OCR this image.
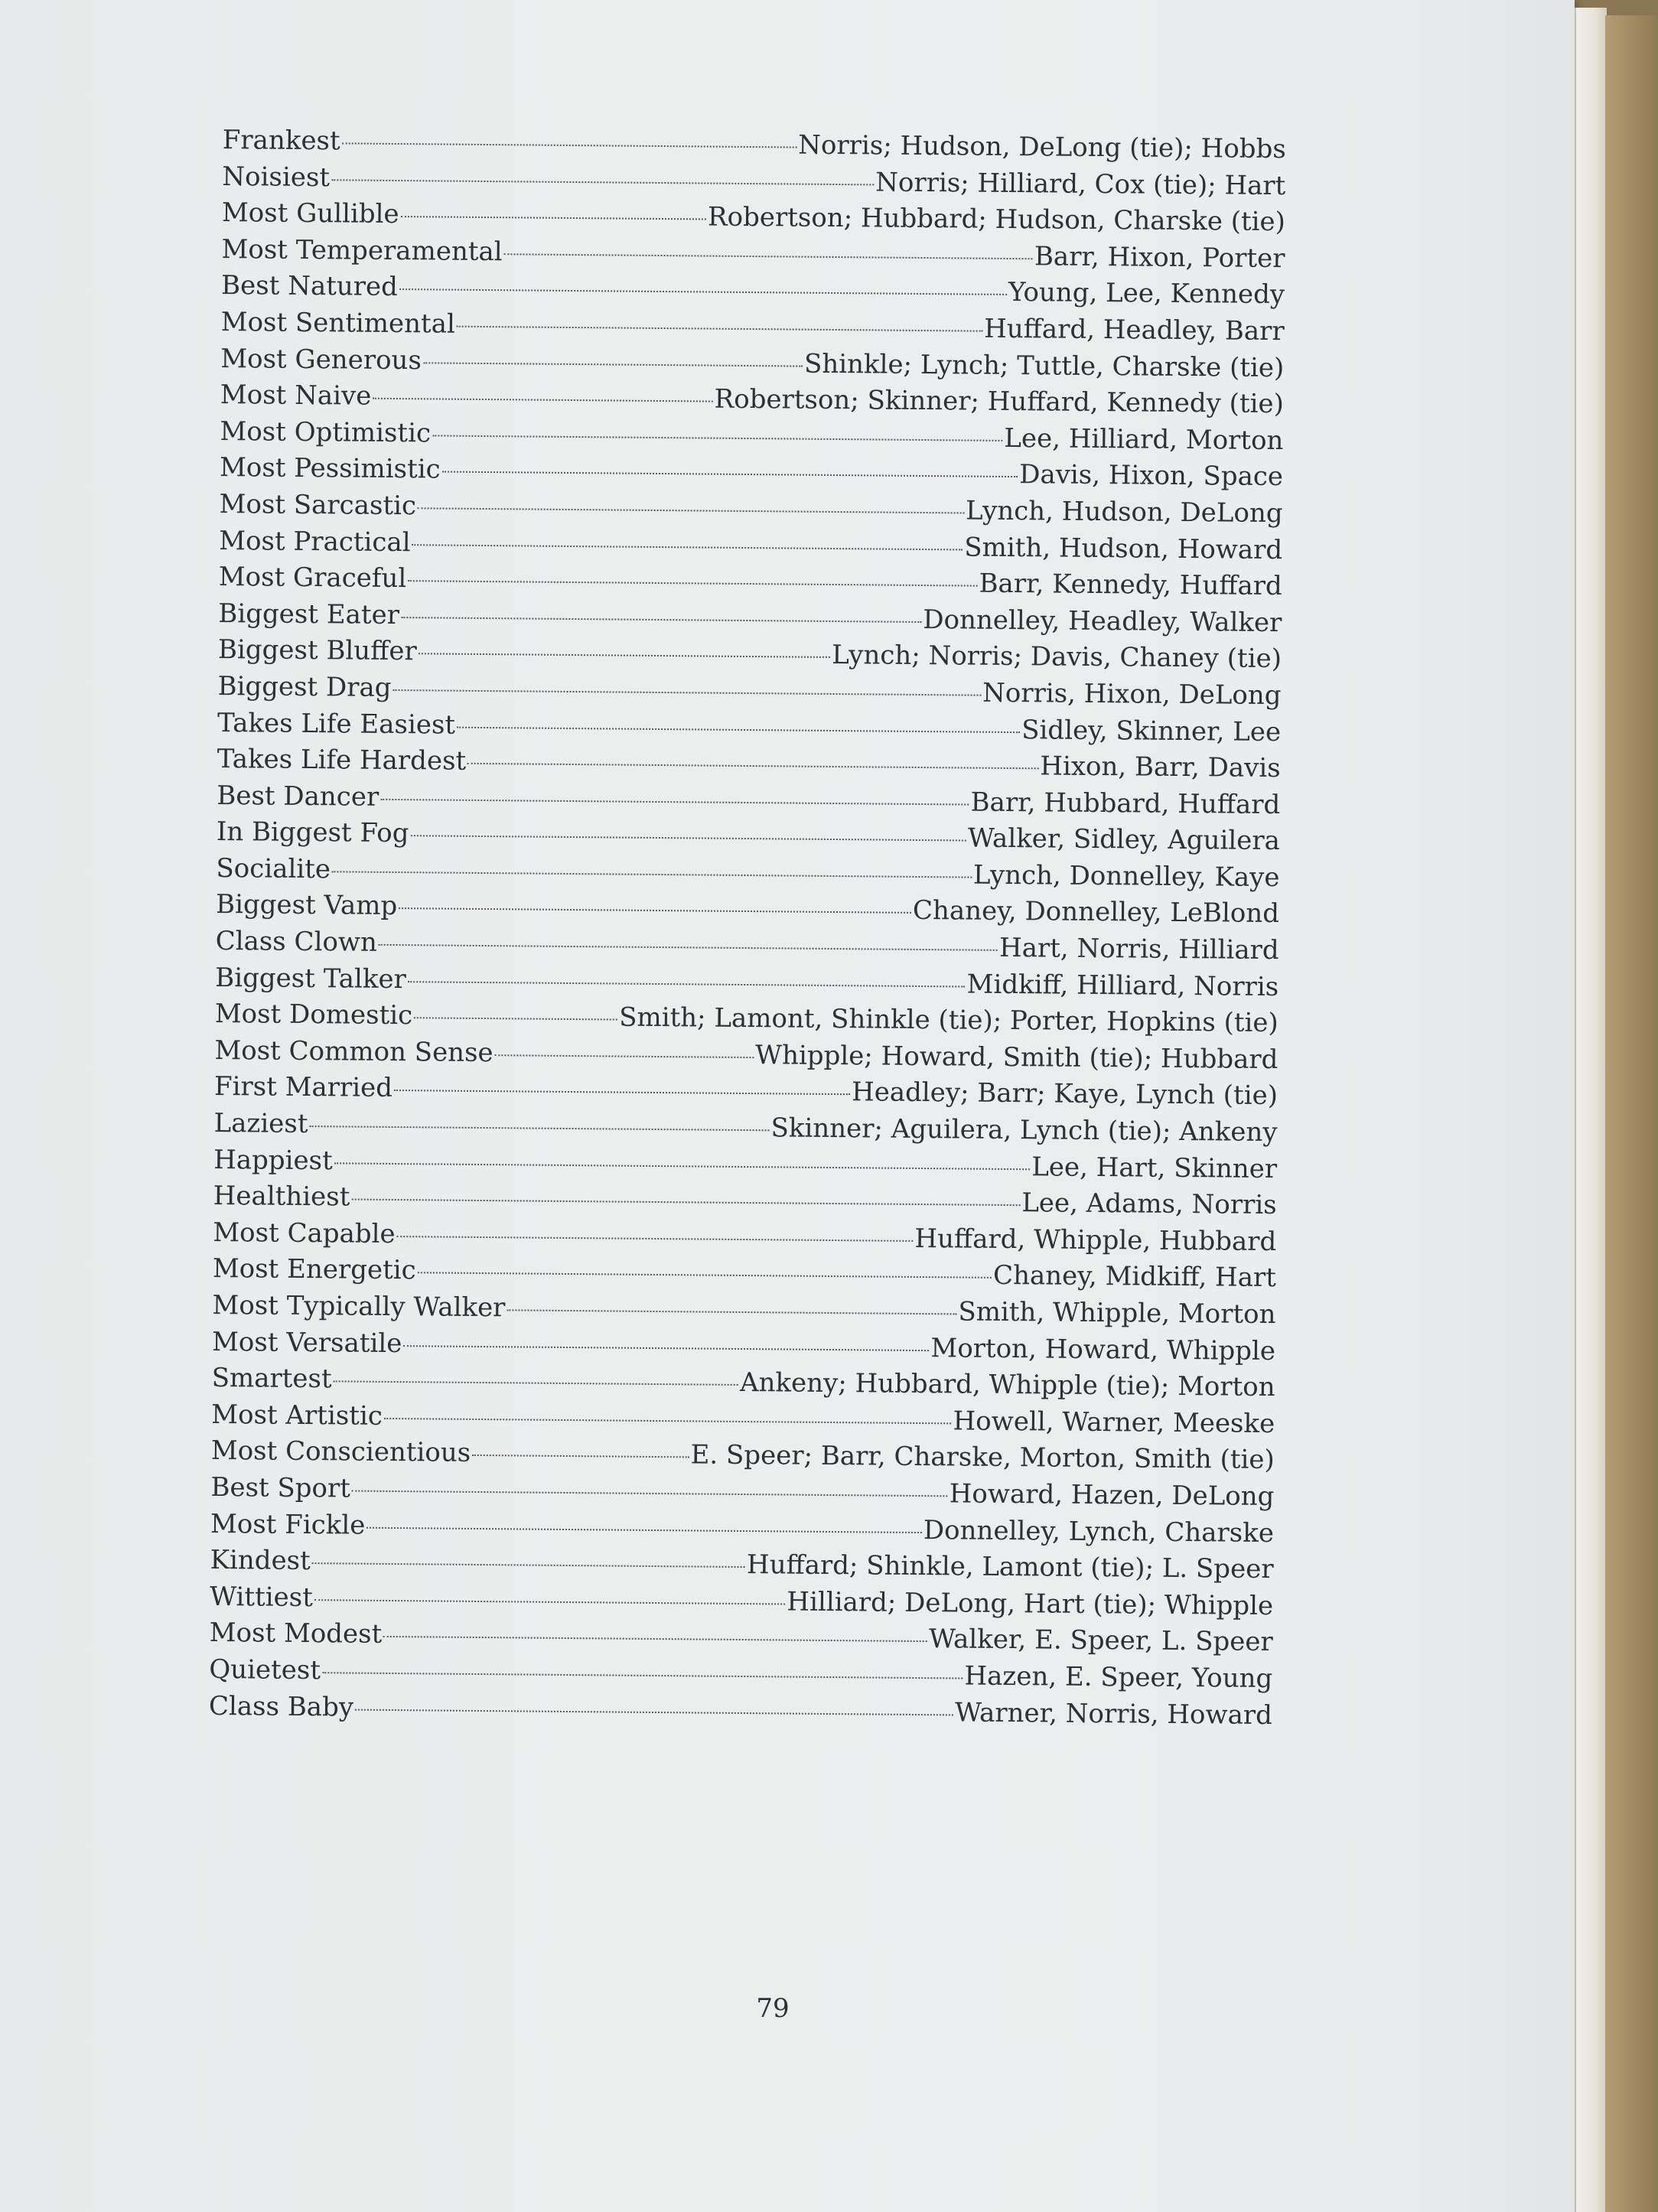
Frankest	Norris; Hudson, DeLong (tie); Hobbs
Noisiest	Norris; Hilliard, Cox (tie); Hart
Most Gullible	Robertson; Hubbard; Hudson, Charske (tie)
Most Temperamental	Barr, Hixon, Porter
Best Natured	Young, Lee, Kennedy
Most Sentimental	Huffard, Headley, Barr
Most Generous	Shinkle; Lynch; Tuttle, Charske (tie)
Most Naive	Robertson; Skinner; Huffard, Kennedy (tie)
Most Optimistic	Lee, Hilliard, Morton
Most Pessimistic	Davis, Hixon, Space
Most Sarcastic	Lynch, Hudson, DeLong
Most Practical	Smith, Hudson, Howard
Most Graceful	Barr, Kennedy, Huffard
Biggest Eater	Donnelley, Headley, Walker
Biggest Bluffer	Lynch; Norris; Davis, Chaney (tie)
Biggest Drag	Norris, Hixon, DeLong
Takes Life Easiest	Sidley, Skinner, Lee
Takes Life Hardest	Hixon, Barr, Davis
Best Dancer	Barr, Hubbard, Huffard
In Biggest Fog	Walker, Sidley, Aguilera
Socialite	Lynch, Donnelley, Kaye
Biggest Vamp	Chaney, Donnelley, LeBlond
Class Clown	Hart, Norris, Hilliard
Biggest Talker	Midkiff, Hilliard, Norris
Most Domestic	Smith; Lamont, Shinkle (tie); Porter, Hopkins (tie)
Most Common Sense	Whipple; Howard, Smith (tie); Hubbard
First Married	Headley; Barr; Kaye, Lynch (tie)
Laziest	Skinner; Aguilera, Lynch (tie); Ankeny
Happiest	Lee, Hart, Skinner
Healthiest	Lee, Adams, Norris
Most Capable	Huffard, Whipple, Hubbard
Most Energetic	Chaney, Midkiff, Hart
Most Typically Walker	Smith, Whipple, Morton
Most Versatile	Morton, Howard, Whipple
Smartest	Ankeny; Hubbard, Whipple (tie); Morton
Most Artistic	Howell, Warner, Meeske
Most Conscientious	E. Speer; Barr, Charske, Morton, Smith (tie)
Best Sport	Howard, Hazen, DeLong
Most Fickle	Donnelley, Lynch, Charske
Kindest	Huffard; Shinkle, Lamont (tie); L. Speer
Wittiest	Hilliard; DeLong, Hart (tie); Whipple
Most Modest	Walker, E. Speer, L. Speer
Quietest	Hazen, E. Speer, Young
Class Baby	Warner, Norris, Howard
79
